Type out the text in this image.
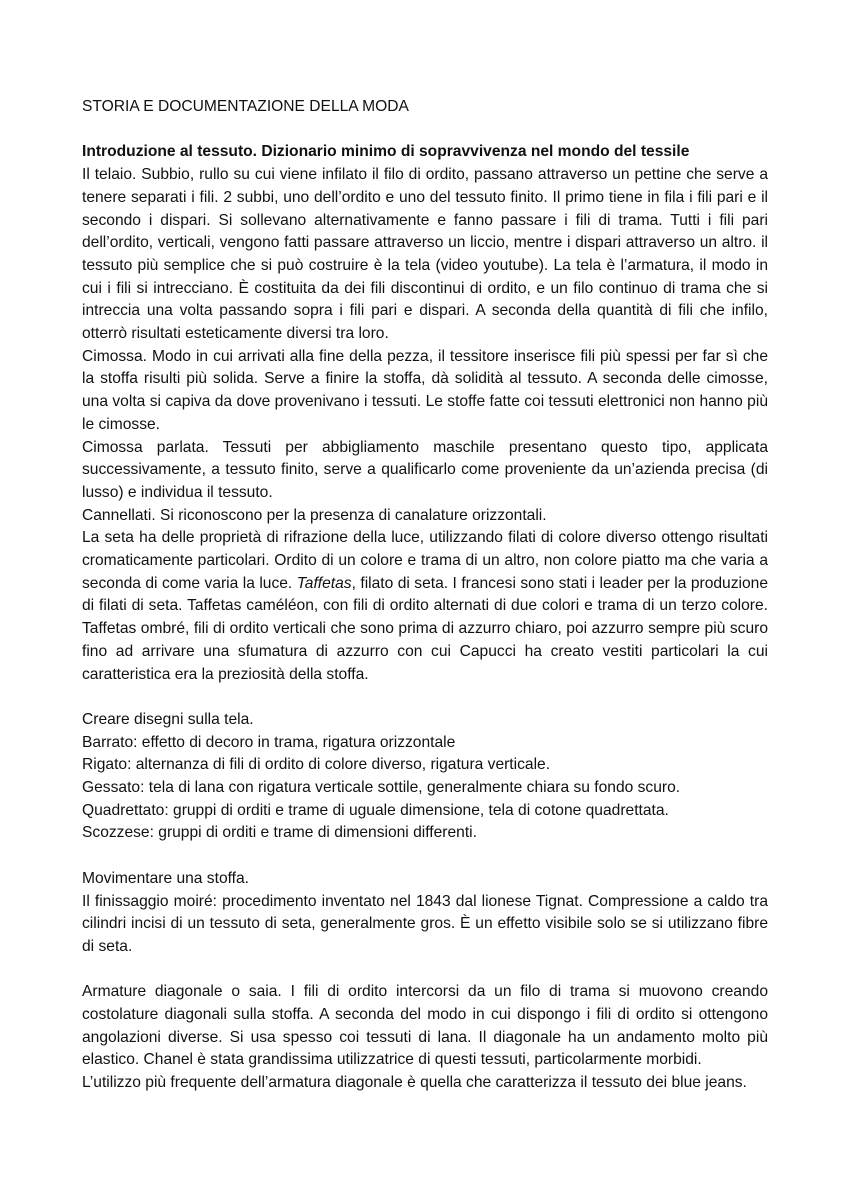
STORIA E DOCUMENTAZIONE DELLA MODA

Introduzione al tessuto. Dizionario minimo di sopravvivenza nel mondo del tessile

Il telaio. Subbio, rullo su cui viene infilato il filo di ordito, passano attraverso un pettine che serve a tenere separati i fili. 2 subbi, uno dell’ordito e uno del tessuto finito. Il primo tiene in fila i fili pari e il secondo i dispari. Si sollevano alternativamente e fanno passare i fili di trama. Tutti i fili pari dell’ordito, verticali, vengono fatti passare attraverso un liccio, mentre i dispari attraverso un altro. il tessuto più semplice che si può costruire è la tela (video youtube). La tela è l’armatura, il modo in cui i fili si intrecciano. È costituita da dei fili discontinui di ordito, e un filo continuo di trama che si intreccia una volta passando sopra i fili pari e dispari. A seconda della quantità di fili che infilo, otterrò risultati esteticamente diversi tra loro.

Cimossa. Modo in cui arrivati alla fine della pezza, il tessitore inserisce fili più spessi per far sì che la stoffa risulti più solida. Serve a finire la stoffa, dà solidità al tessuto. A seconda delle cimosse, una volta si capiva da dove provenivano i tessuti. Le stoffe fatte coi tessuti elettronici non hanno più le cimosse.

Cimossa parlata. Tessuti per abbigliamento maschile presentano questo tipo, applicata successivamente, a tessuto finito, serve a qualificarlo come proveniente da un’azienda precisa (di lusso) e individua il tessuto.

Cannellati. Si riconoscono per la presenza di canalature orizzontali.

La seta ha delle proprietà di rifrazione della luce, utilizzando filati di colore diverso ottengo risultati cromaticamente particolari. Ordito di un colore e trama di un altro, non colore piatto ma che varia a seconda di come varia la luce. Taffetas, filato di seta. I francesi sono stati i leader per la produzione di filati di seta. Taffetas caméléon, con fili di ordito alternati di due colori e trama di un terzo colore. Taffetas ombré, fili di ordito verticali che sono prima di azzurro chiaro, poi azzurro sempre più scuro fino ad arrivare una sfumatura di azzurro con cui Capucci ha creato vestiti particolari la cui caratteristica era la preziosità della stoffa.

Creare disegni sulla tela.

Barrato: effetto di decoro in trama, rigatura orizzontale

Rigato: alternanza di fili di ordito di colore diverso, rigatura verticale.

Gessato: tela di lana con rigatura verticale sottile, generalmente chiara su fondo scuro.

Quadrettato: gruppi di orditi e trame di uguale dimensione, tela di cotone quadrettata.

Scozzese: gruppi di orditi e trame di dimensioni differenti.

Movimentare una stoffa.

Il finissaggio moiré: procedimento inventato nel 1843 dal lionese Tignat. Compressione a caldo tra cilindri incisi di un tessuto di seta, generalmente gros. È un effetto visibile solo se si utilizzano fibre di seta.

Armature diagonale o saia. I fili di ordito intercorsi da un filo di trama si muovono creando costolature diagonali sulla stoffa. A seconda del modo in cui dispongo i fili di ordito si ottengono angolazioni diverse. Si usa spesso coi tessuti di lana. Il diagonale ha un andamento molto più elastico. Chanel è stata grandissima utilizzatrice di questi tessuti, particolarmente morbidi.

L’utilizzo più frequente dell’armatura diagonale è quella che caratterizza il tessuto dei blue jeans.
